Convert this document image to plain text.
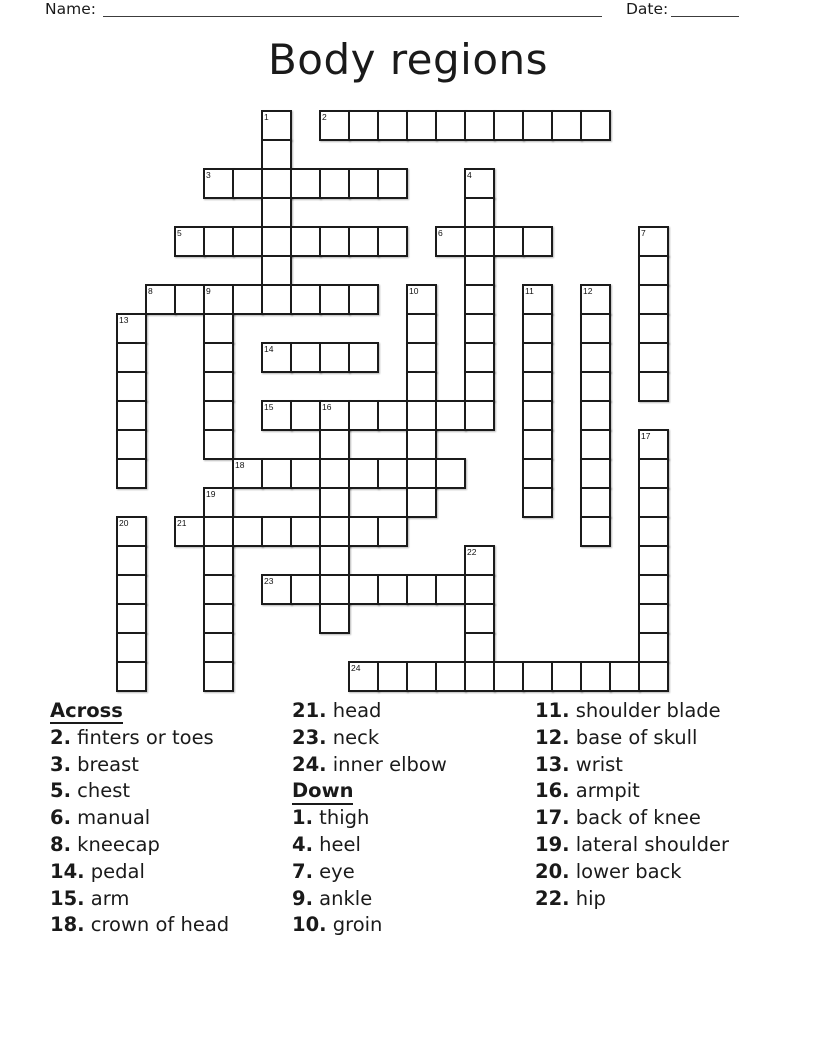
Name:	Date:
Body regions
1	2
3	4
5	6	7
8	9	10	11	12
13
14
15	16
17
18
19
20	21
22
23
24
Across
2. finters or toes
3. breast
5. chest
6. manual
8. kneecap
14. pedal
15. arm
18. crown of head
21. head
23. neck
24. inner elbow
Down
1. thigh
4. heel
7. eye
9. ankle
10. groin
11. shoulder blade
12. base of skull
13. wrist
16. armpit
17. back of knee
19. lateral shoulder
20. lower back
22. hip
